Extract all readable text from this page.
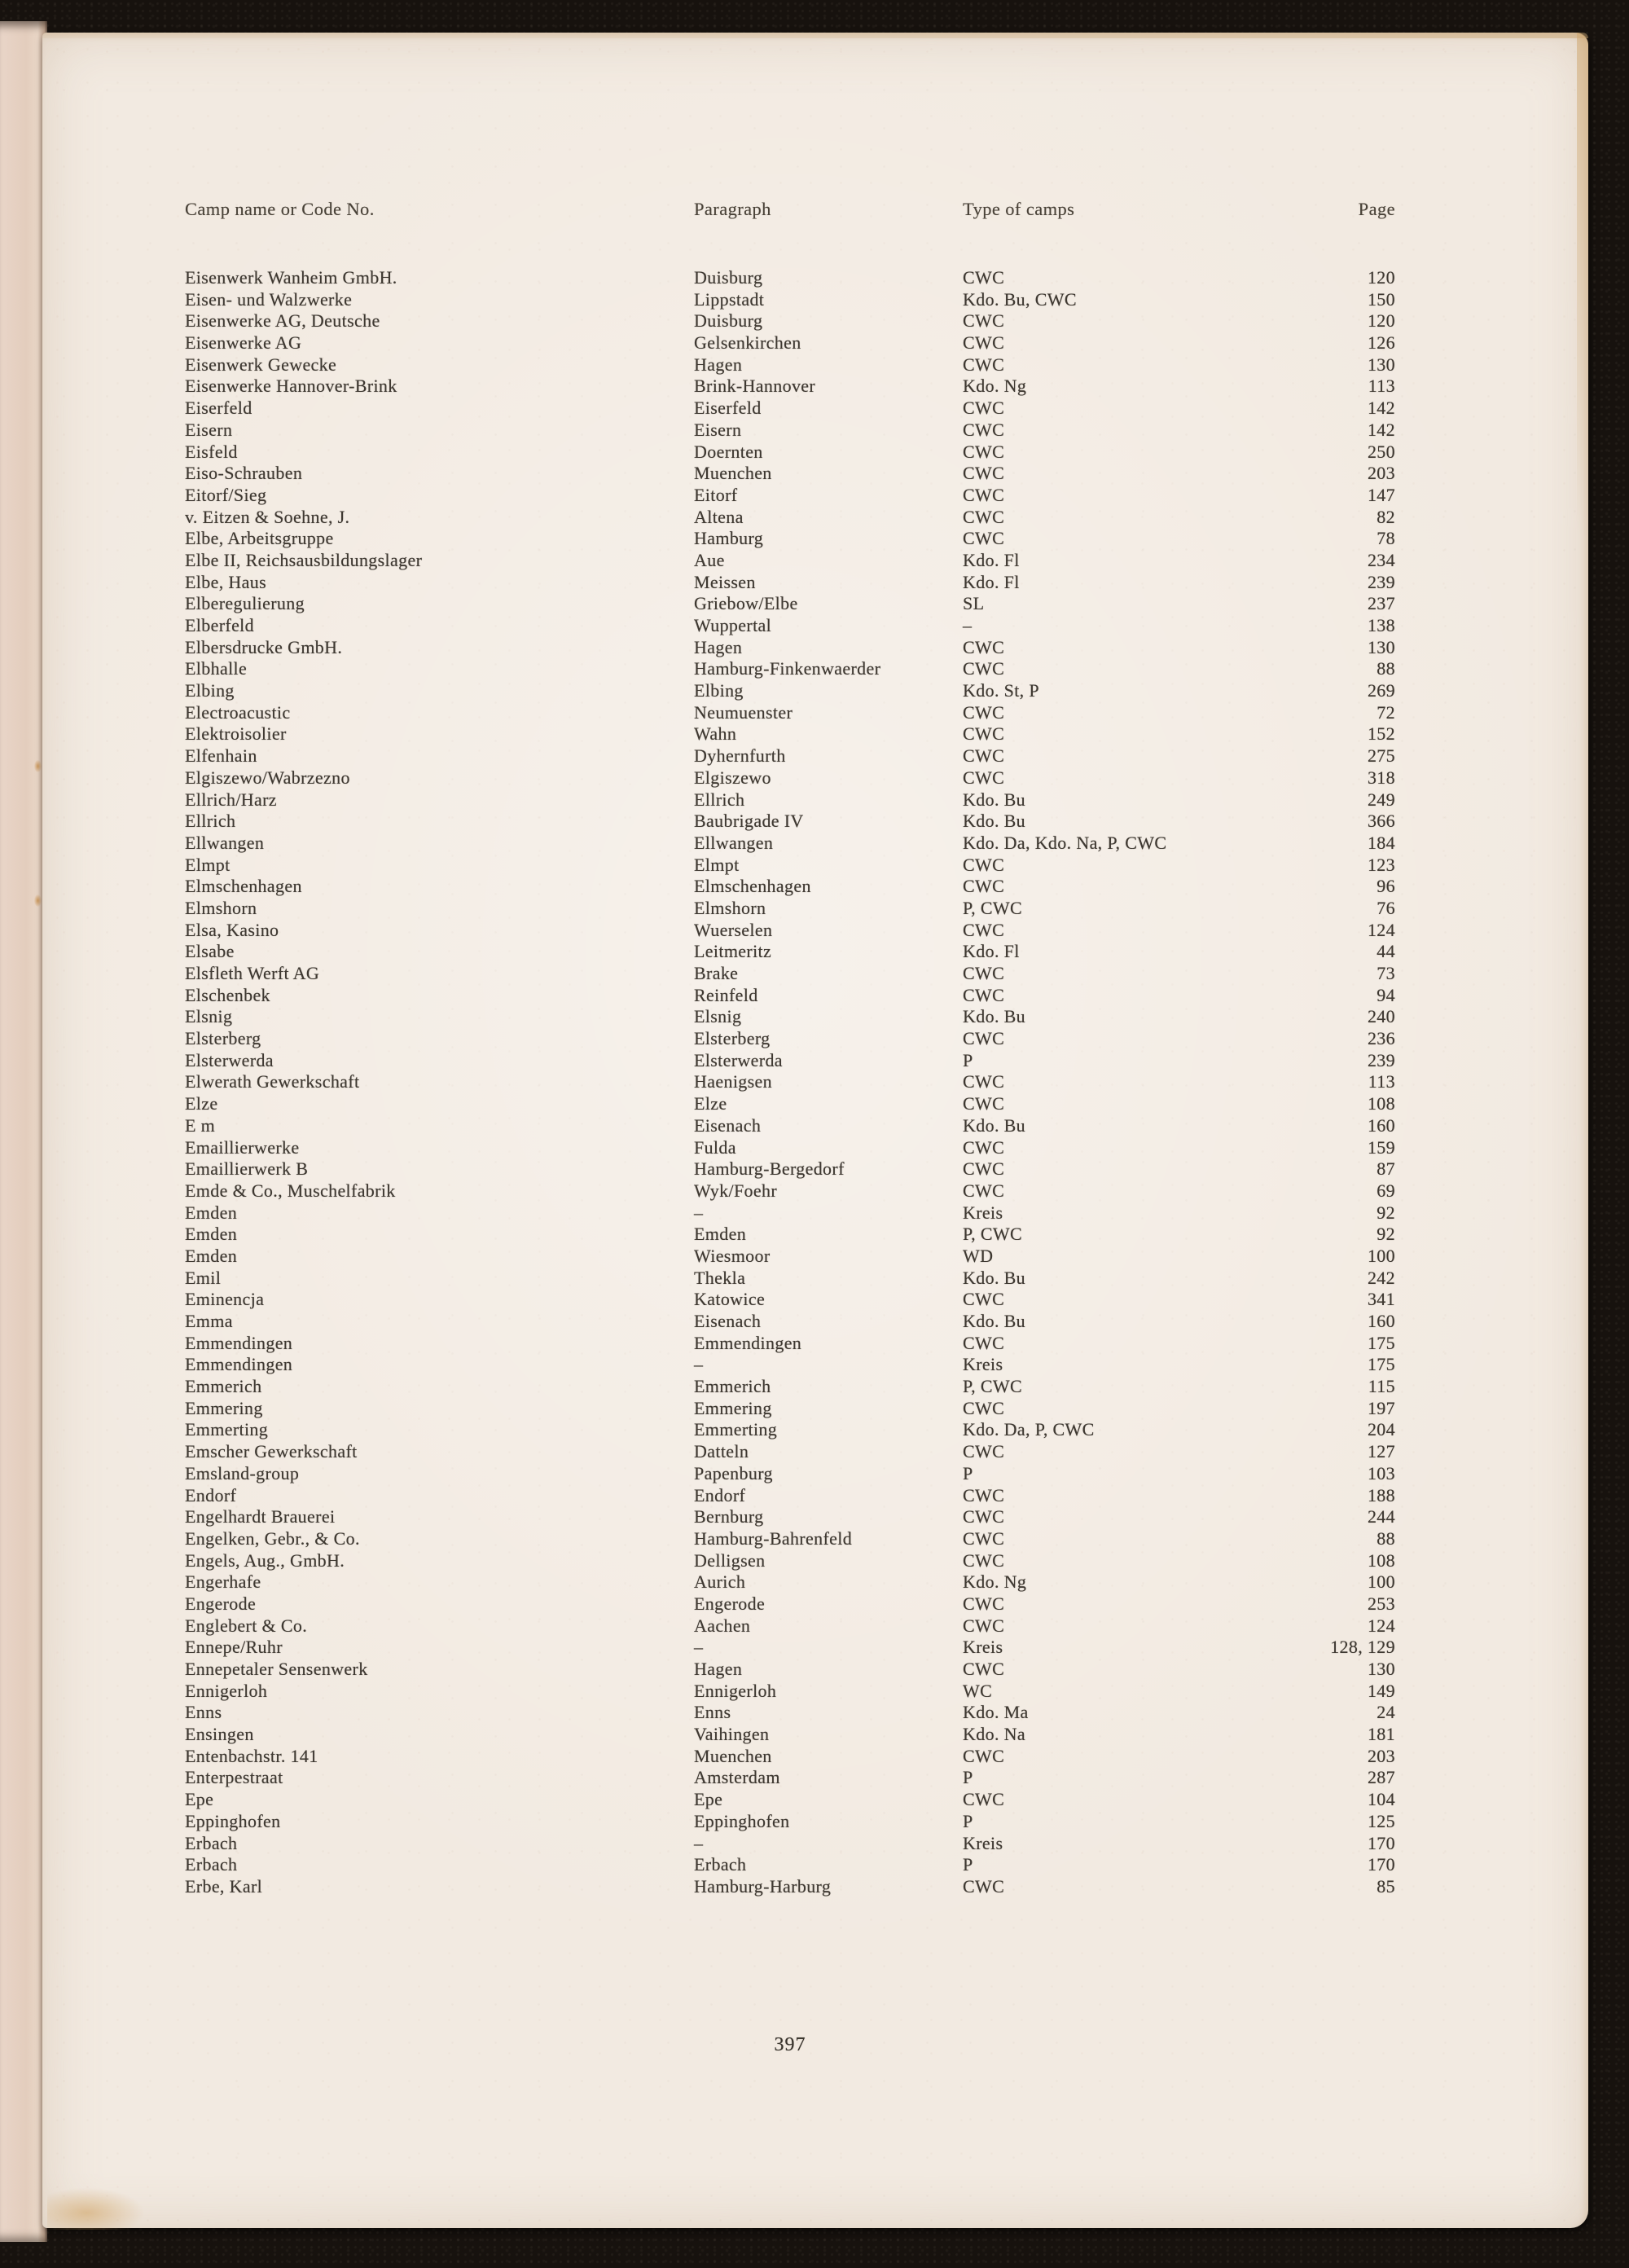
Camp name or Code No.	Paragraph	Type of camps	Page
Eisenwerk Wanheim GmbH.	Duisburg	CWC	120
Eisen- und Walzwerke	Lippstadt	Kdo. Bu, CWC	150
Eisenwerke AG, Deutsche	Duisburg	CWC	120
Eisenwerke AG	Gelsenkirchen	CWC	126
Eisenwerk Gewecke	Hagen	CWC	130
Eisenwerke Hannover-Brink	Brink-Hannover	Kdo. Ng	113
Eiserfeld	Eiserfeld	CWC	142
Eisern	Eisern	CWC	142
Eisfeld	Doernten	CWC	250
Eiso-Schrauben	Muenchen	CWC	203
Eitorf/Sieg	Eitorf	CWC	147
v. Eitzen & Soehne, J.	Altena	CWC	82
Elbe, Arbeitsgruppe	Hamburg	CWC	78
Elbe II, Reichsausbildungslager	Aue	Kdo. Fl	234
Elbe, Haus	Meissen	Kdo. Fl	239
Elberegulierung	Griebow/Elbe	SL	237
Elberfeld	Wuppertal	–	138
Elbersdrucke GmbH.	Hagen	CWC	130
Elbhalle	Hamburg-Finkenwaerder	CWC	88
Elbing	Elbing	Kdo. St, P	269
Electroacustic	Neumuenster	CWC	72
Elektroisolier	Wahn	CWC	152
Elfenhain	Dyhernfurth	CWC	275
Elgiszewo/Wabrzezno	Elgiszewo	CWC	318
Ellrich/Harz	Ellrich	Kdo. Bu	249
Ellrich	Baubrigade IV	Kdo. Bu	366
Ellwangen	Ellwangen	Kdo. Da, Kdo. Na, P, CWC	184
Elmpt	Elmpt	CWC	123
Elmschenhagen	Elmschenhagen	CWC	96
Elmshorn	Elmshorn	P, CWC	76
Elsa, Kasino	Wuerselen	CWC	124
Elsabe	Leitmeritz	Kdo. Fl	44
Elsfleth Werft AG	Brake	CWC	73
Elschenbek	Reinfeld	CWC	94
Elsnig	Elsnig	Kdo. Bu	240
Elsterberg	Elsterberg	CWC	236
Elsterwerda	Elsterwerda	P	239
Elwerath Gewerkschaft	Haenigsen	CWC	113
Elze	Elze	CWC	108
E m	Eisenach	Kdo. Bu	160
Emaillierwerke	Fulda	CWC	159
Emaillierwerk B	Hamburg-Bergedorf	CWC	87
Emde & Co., Muschelfabrik	Wyk/Foehr	CWC	69
Emden	–	Kreis	92
Emden	Emden	P, CWC	92
Emden	Wiesmoor	WD	100
Emil	Thekla	Kdo. Bu	242
Eminencja	Katowice	CWC	341
Emma	Eisenach	Kdo. Bu	160
Emmendingen	Emmendingen	CWC	175
Emmendingen	–	Kreis	175
Emmerich	Emmerich	P, CWC	115
Emmering	Emmering	CWC	197
Emmerting	Emmerting	Kdo. Da, P, CWC	204
Emscher Gewerkschaft	Datteln	CWC	127
Emsland-group	Papenburg	P	103
Endorf	Endorf	CWC	188
Engelhardt Brauerei	Bernburg	CWC	244
Engelken, Gebr., & Co.	Hamburg-Bahrenfeld	CWC	88
Engels, Aug., GmbH.	Delligsen	CWC	108
Engerhafe	Aurich	Kdo. Ng	100
Engerode	Engerode	CWC	253
Englebert & Co.	Aachen	CWC	124
Ennepe/Ruhr	–	Kreis	128, 129
Ennepetaler Sensenwerk	Hagen	CWC	130
Ennigerloh	Ennigerloh	WC	149
Enns	Enns	Kdo. Ma	24
Ensingen	Vaihingen	Kdo. Na	181
Entenbachstr. 141	Muenchen	CWC	203
Enterpestraat	Amsterdam	P	287
Epe	Epe	CWC	104
Eppinghofen	Eppinghofen	P	125
Erbach	–	Kreis	170
Erbach	Erbach	P	170
Erbe, Karl	Hamburg-Harburg	CWC	85
397
